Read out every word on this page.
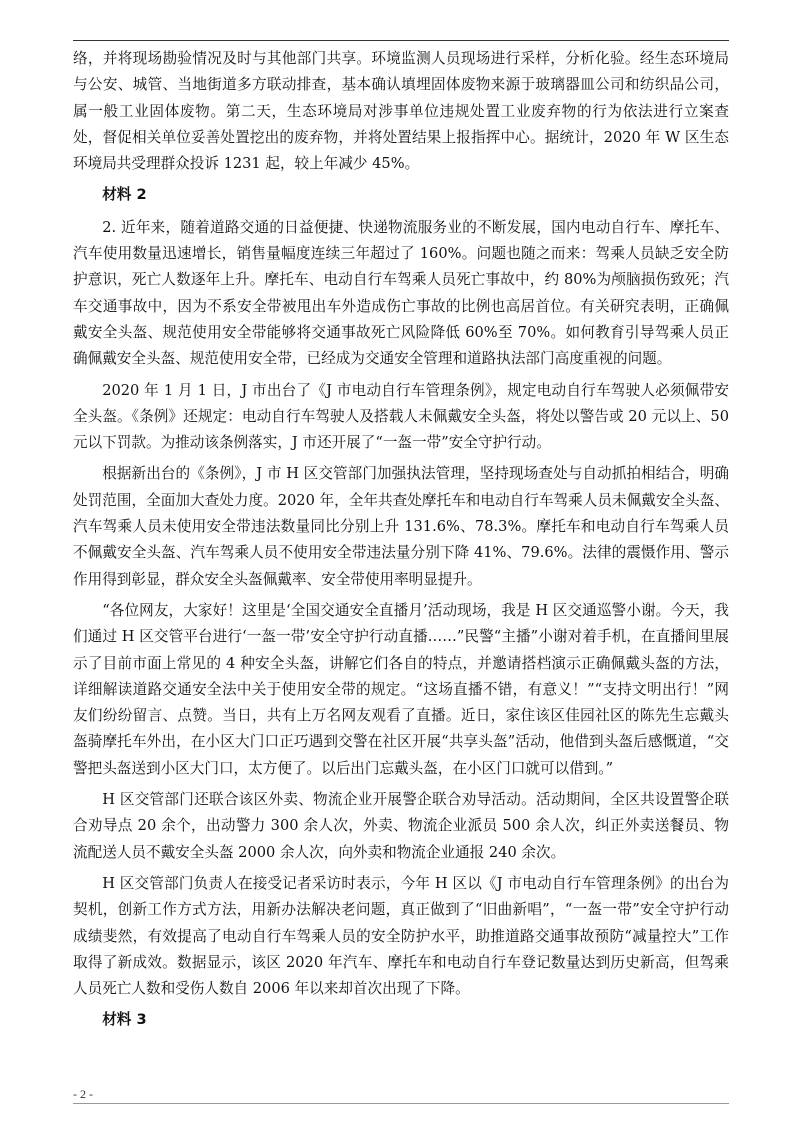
络，并将现场勘验情况及时与其他部门共享。环境监测人员现场进行采样，分析化验。经生态环境局与公安、城管、当地街道多方联动排查，基本确认填埋固体废物来源于玻璃器皿公司和纺织品公司，属一般工业固体废物。第二天，生态环境局对涉事单位违规处置工业废弃物的行为依法进行立案查处，督促相关单位妥善处置挖出的废弃物，并将处置结果上报指挥中心。据统计，2020 年 W 区生态环境局共受理群众投诉 1231 起，较上年减少 45%。

材料 2

2. 近年来，随着道路交通的日益便捷、快递物流服务业的不断发展，国内电动自行车、摩托车、汽车使用数量迅速增长，销售量幅度连续三年超过了 160%。问题也随之而来：驾乘人员缺乏安全防护意识，死亡人数逐年上升。摩托车、电动自行车驾乘人员死亡事故中，约 80%为颅脑损伤致死；汽车交通事故中，因为不系安全带被甩出车外造成伤亡事故的比例也高居首位。有关研究表明，正确佩戴安全头盔、规范使用安全带能够将交通事故死亡风险降低 60%至 70%。如何教育引导驾乘人员正确佩戴安全头盔、规范使用安全带，已经成为交通安全管理和道路执法部门高度重视的问题。

2020 年 1 月 1 日，J 市出台了《J 市电动自行车管理条例》，规定电动自行车驾驶人必须佩带安全头盔。《条例》还规定：电动自行车驾驶人及搭载人未佩戴安全头盔，将处以警告或 20 元以上、50 元以下罚款。为推动该条例落实，J 市还开展了“一盔一带”安全守护行动。

根据新出台的《条例》，J 市 H 区交管部门加强执法管理，坚持现场查处与自动抓拍相结合，明确处罚范围，全面加大查处力度。2020 年，全年共查处摩托车和电动自行车驾乘人员未佩戴安全头盔、汽车驾乘人员未使用安全带违法数量同比分别上升 131.6%、78.3%。摩托车和电动自行车驾乘人员不佩戴安全头盔、汽车驾乘人员不使用安全带违法量分别下降 41%、79.6%。法律的震慑作用、警示作用得到彰显，群众安全头盔佩戴率、安全带使用率明显提升。

“各位网友，大家好！这里是‘全国交通安全直播月’活动现场，我是 H 区交通巡警小谢。今天，我们通过 H 区交管平台进行‘一盔一带’安全守护行动直播……”民警“主播”小谢对着手机，在直播间里展示了目前市面上常见的 4 种安全头盔，讲解它们各自的特点，并邀请搭档演示正确佩戴头盔的方法，详细解读道路交通安全法中关于使用安全带的规定。“这场直播不错，有意义！”“支持文明出行！”网友们纷纷留言、点赞。当日，共有上万名网友观看了直播。近日，家住该区佳园社区的陈先生忘戴头盔骑摩托车外出，在小区大门口正巧遇到交警在社区开展“共享头盔”活动，他借到头盔后感慨道，“交警把头盔送到小区大门口，太方便了。以后出门忘戴头盔，在小区门口就可以借到。”

H 区交管部门还联合该区外卖、物流企业开展警企联合劝导活动。活动期间，全区共设置警企联合劝导点 20 余个，出动警力 300 余人次，外卖、物流企业派员 500 余人次，纠正外卖送餐员、物流配送人员不戴安全头盔 2000 余人次，向外卖和物流企业通报 240 余次。

H 区交管部门负责人在接受记者采访时表示，今年 H 区以《J 市电动自行车管理条例》的出台为契机，创新工作方式方法，用新办法解决老问题，真正做到了“旧曲新唱”，“一盔一带”安全守护行动成绩斐然，有效提高了电动自行车驾乘人员的安全防护水平，助推道路交通事故预防“减量控大”工作取得了新成效。数据显示，该区 2020 年汽车、摩托车和电动自行车登记数量达到历史新高，但驾乘人员死亡人数和受伤人数自 2006 年以来却首次出现了下降。

材料 3
- 2 -
